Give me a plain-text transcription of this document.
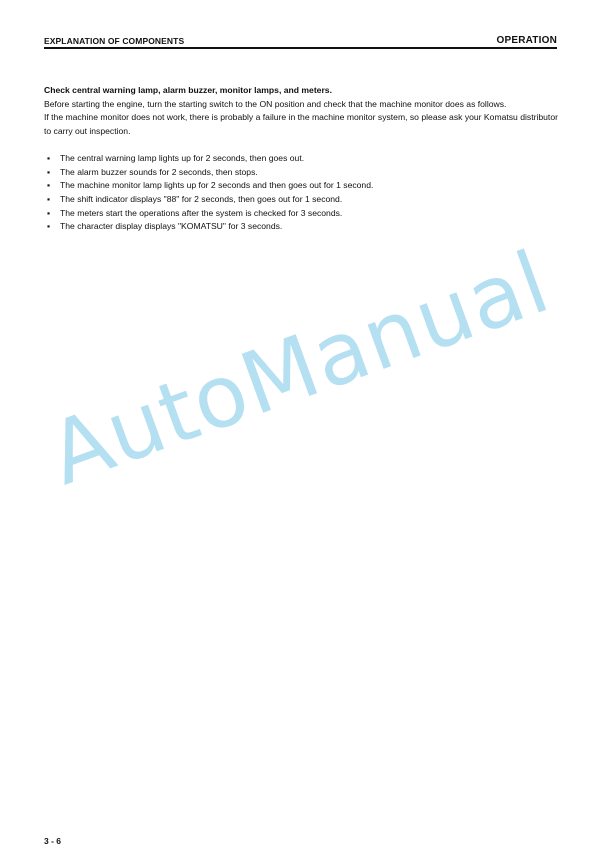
EXPLANATION OF COMPONENTS	OPERATION

Check central warning lamp, alarm buzzer, monitor lamps, and meters.

Before starting the engine, turn the starting switch to the ON position and check that the machine monitor does as follows.

If the machine monitor does not work, there is probably a failure in the machine monitor system, so please ask your Komatsu distributor to carry out inspection.

▪ The central warning lamp lights up for 2 seconds, then goes out.
▪ The alarm buzzer sounds for 2 seconds, then stops.
▪ The machine monitor lamp lights up for 2 seconds and then goes out for 1 second.
▪ The shift indicator displays "88" for 2 seconds, then goes out for 1 second.
▪ The meters start the operations after the system is checked for 3 seconds.
▪ The character display displays "KOMATSU" for 3 seconds.
AutoManual
3 - 6
